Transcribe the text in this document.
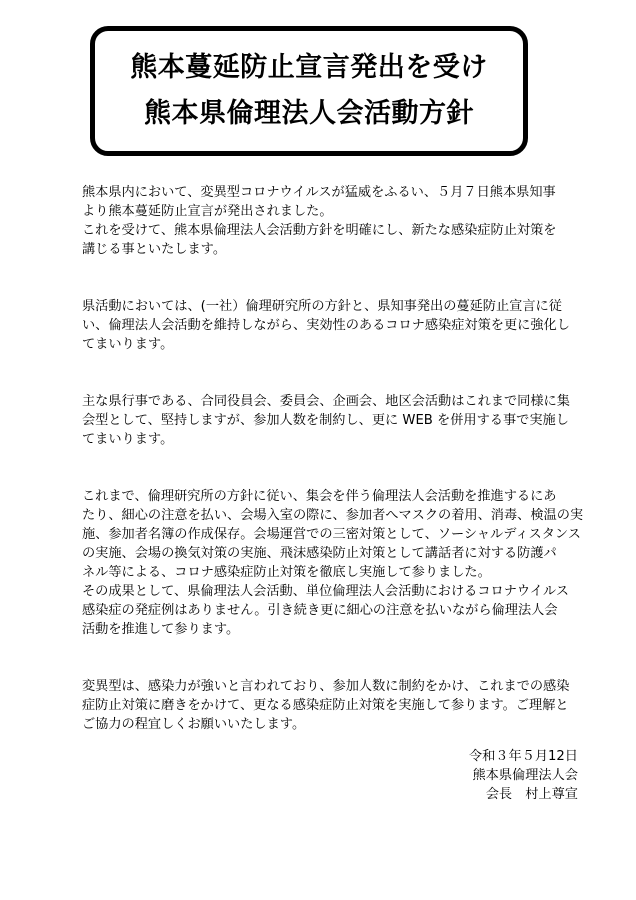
熊本蔓延防止宣言発出を受け
熊本県倫理法人会活動方針

熊本県内において、変異型コロナウイルスが猛威をふるい、５月７日熊本県知事
より熊本蔓延防止宣言が発出されました。
これを受けて、熊本県倫理法人会活動方針を明確にし、新たな感染症防止対策を
講じる事といたします。

県活動においては、(一社）倫理研究所の方針と、県知事発出の蔓延防止宣言に従
い、倫理法人会活動を維持しながら、実効性のあるコロナ感染症対策を更に強化し
てまいります。

主な県行事である、合同役員会、委員会、企画会、地区会活動はこれまで同様に集
会型として、堅持しますが、参加人数を制約し、更に WEB を併用する事で実施し
てまいります。

これまで、倫理研究所の方針に従い、集会を伴う倫理法人会活動を推進するにあ
たり、細心の注意を払い、会場入室の際に、参加者へマスクの着用、消毒、検温の実
施、参加者名簿の作成保存。会場運営での三密対策として、ソーシャルディスタンス
の実施、会場の換気対策の実施、飛沫感染防止対策として講話者に対する防護パ
ネル等による、コロナ感染症防止対策を徹底し実施して参りました。
その成果として、県倫理法人会活動、単位倫理法人会活動におけるコロナウイルス
感染症の発症例はありません。引き続き更に細心の注意を払いながら倫理法人会
活動を推進して参ります。

変異型は、感染力が強いと言われており、参加人数に制約をかけ、これまでの感染
症防止対策に磨きをかけて、更なる感染症防止対策を実施して参ります。ご理解と
ご協力の程宜しくお願いいたします。

令和３年５月12日
熊本県倫理法人会
会長　村上尊宣
